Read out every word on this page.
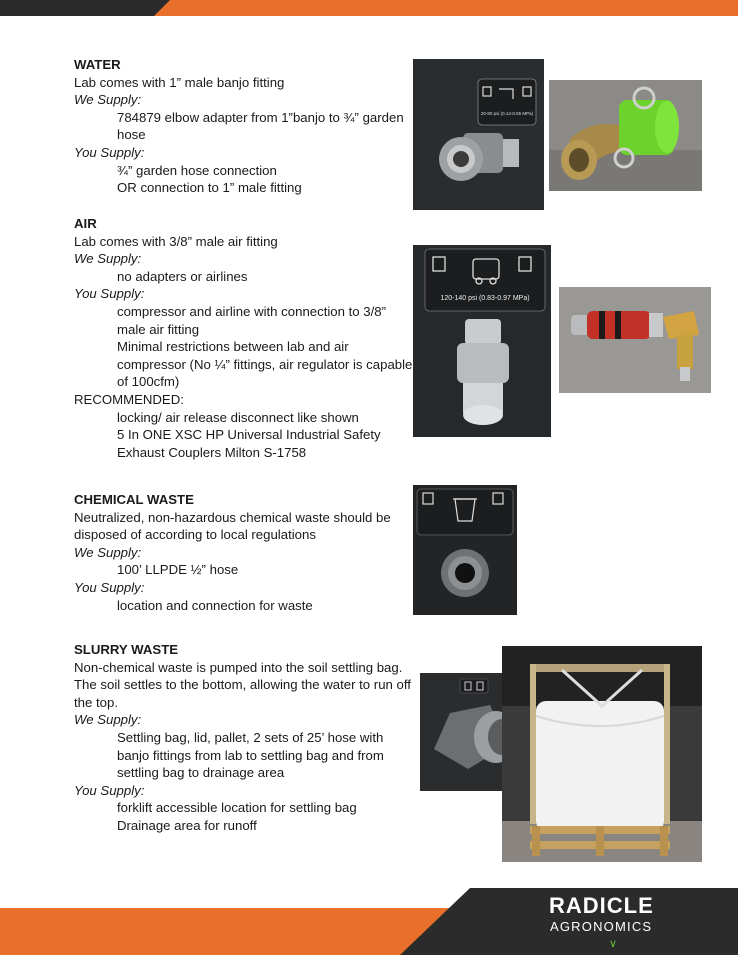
WATER
Lab comes with 1” male banjo fitting
We Supply:
784879 elbow adapter from 1”banjo to ¾” garden hose
You Supply:
¾” garden hose connection
OR connection to 1” male fitting
AIR
Lab comes with 3/8” male air fitting
We Supply:
no adapters or airlines
You Supply:
compressor and airline with connection to 3/8” male air fitting
Minimal restrictions between lab and air compressor (No ¼” fittings, air regulator is capable of 100cfm)
RECOMMENDED:
locking/ air release disconnect like shown
5 In ONE XSC HP Universal Industrial Safety Exhaust Couplers Milton S-1758
CHEMICAL WASTE
Neutralized, non-hazardous chemical waste should be disposed of according to local regulations
We Supply:
100’ LLPDE ½” hose
You Supply:
location and connection for waste
SLURRY WASTE
Non-chemical waste is pumped into the soil settling bag. The soil settles to the bottom, allowing the water to run off the top.
We Supply:
Settling bag, lid, pallet, 2 sets of 25’ hose with banjo fittings from lab to settling bag and from settling bag to drainage area
You Supply:
forklift accessible location for settling bag
Drainage area for runoff
20-80 psi (0.14-0.55 MPa)
120-140 psi (0.83-0.97 MPa)
RADICLE
AGRONOMICS
∨
